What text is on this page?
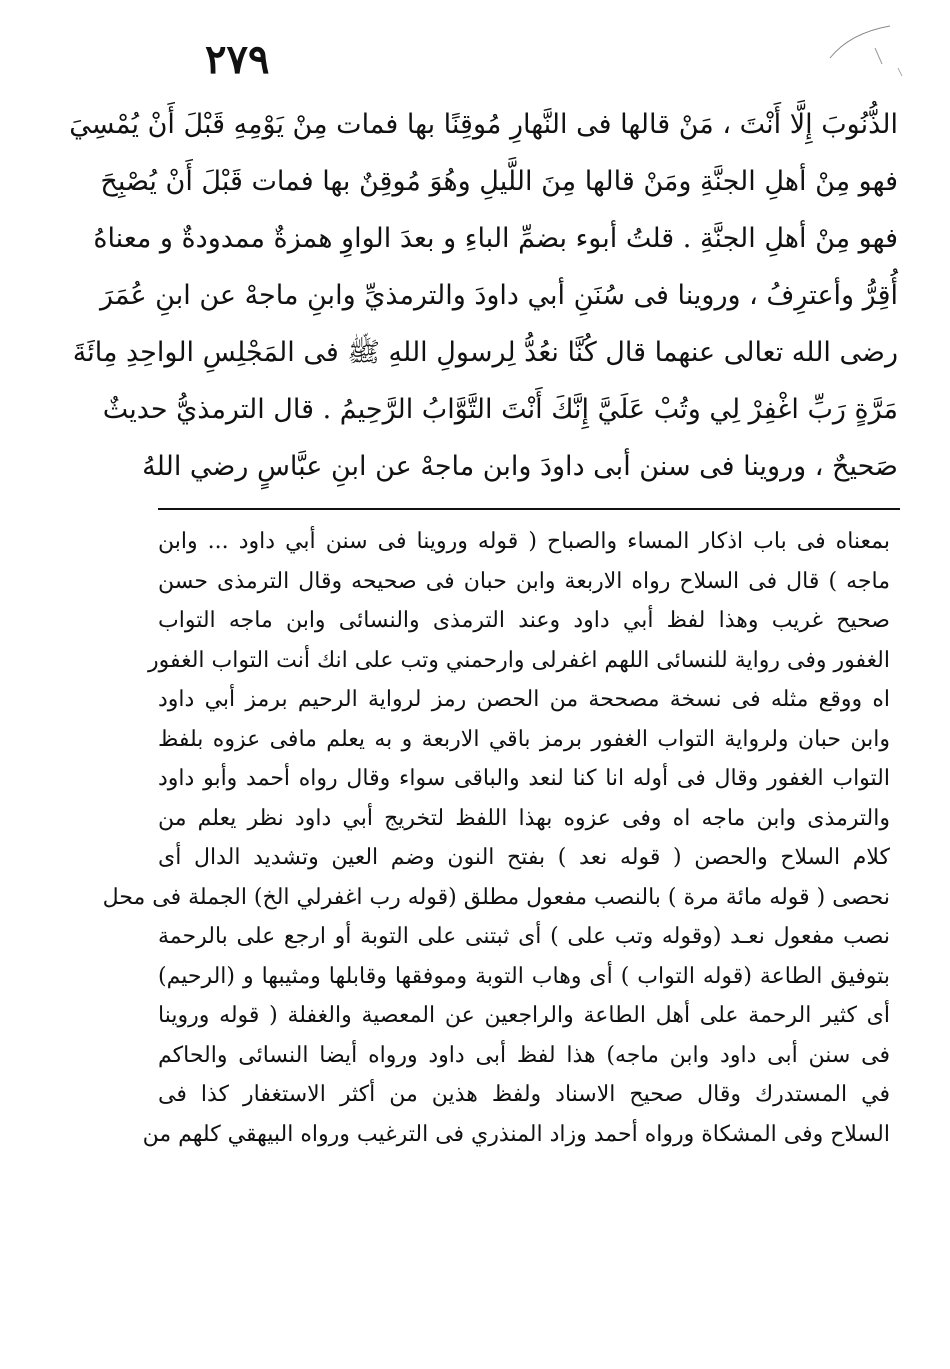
٢٧٩
الذُّنُوبَ إِلَّا أَنْتَ ، مَنْ قالها فى النَّهارِ مُوقِنًا بها فمات مِنْ يَوْمِهِ قَبْلَ أَنْ يُمْسِيَ
فهو مِنْ أهلِ الجنَّةِ ومَنْ قالها مِنَ اللَّيلِ وهُوَ مُوقِنٌ بها فمات قَبْلَ أَنْ يُصْبِحَ
فهو مِنْ أهلِ الجنَّةِ . قلتُ أبوء بضمِّ الباءِ و بعدَ الواوِ همزةٌ ممدودةٌ و معناهُ
أُقِرُّ وأعترِفُ ، وروينا فى سُنَنِ أبي داودَ والترمذيِّ وابنِ ماجهْ عن ابنِ عُمَرَ
رضى الله تعالى عنهما قال كُنَّا نعُدُّ لِرسولِ اللهِ ﷺ فى المَجْلِسِ الواحِدِ مِائَةَ
مَرَّةٍ رَبِّ اغْفِرْ لِي وتُبْ عَلَيَّ إِنَّكَ أَنْتَ التَّوَّابُ الرَّحِيمُ . قال الترمذيُّ حديثٌ
صَحيحٌ ، وروينا فى سنن أبى داودَ وابن ماجهْ عن ابنِ عبَّاسٍ رضي اللهُ
بمعناه فى باب اذكار المساء والصباح ( قوله وروينا فى سنن أبي داود ... وابن
ماجه ) قال فى السلاح رواه الاربعة وابن حبان فى صحيحه وقال الترمذى حسن
صحيح غريب وهذا لفظ أبي داود وعند الترمذى والنسائى وابن ماجه التواب
الغفور وفى رواية للنسائى اللهم اغفرلى وارحمني وتب على انك أنت التواب الغفور
اه ووقع مثله فى نسخة مصححة من الحصن رمز لرواية الرحيم برمز أبي داود
وابن حبان ولرواية التواب الغفور برمز باقي الاربعة و به يعلم مافى عزوه بلفظ
التواب الغفور وقال فى أوله انا كنا لنعد والباقى سواء وقال رواه أحمد وأبو داود
والترمذى وابن ماجه اه وفى عزوه بهذا اللفظ لتخريج أبي داود نظر يعلم من
كلام السلاح والحصن ( قوله نعد ) بفتح النون وضم العين وتشديد الدال أى
نحصى ( قوله مائة مرة ) بالنصب مفعول مطلق (قوله رب اغفرلي الخ) الجملة فى محل
نصب مفعول نعـد (وقوله وتب على ) أى ثبتنى على التوبة أو ارجع على بالرحمة
بتوفيق الطاعة (قوله التواب ) أى وهاب التوبة وموفقها وقابلها ومثيبها و (الرحيم)
أى كثير الرحمة على أهل الطاعة والراجعين عن المعصية والغفلة ( قوله وروينا
فى سنن أبى داود وابن ماجه) هذا لفظ أبى داود ورواه أيضا النسائى والحاكم
في المستدرك وقال صحيح الاسناد ولفظ هذين من أكثر الاستغفار كذا فى
السلاح وفى المشكاة ورواه أحمد وزاد المنذري فى الترغيب ورواه البيهقي كلهم من
